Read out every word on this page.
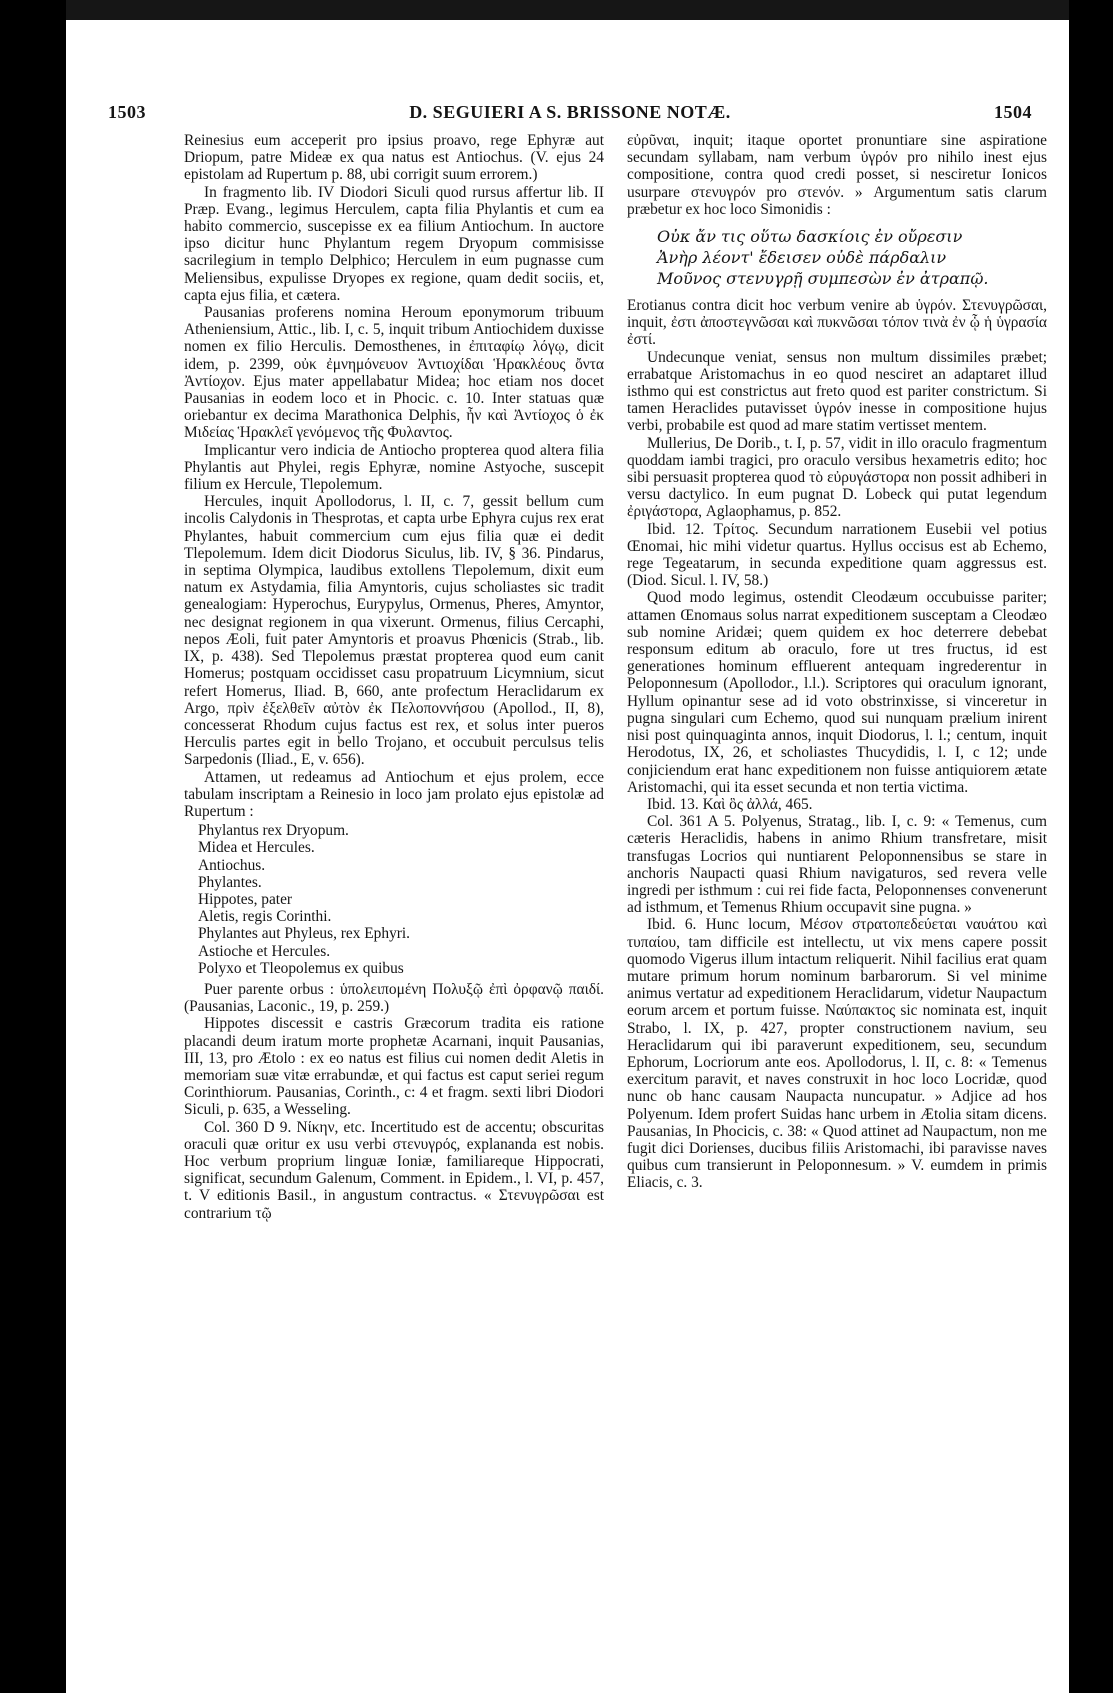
1503	D. SEGUIERI A S. BRISSONE NOTÆ.	1504

Reinesius eum acceperit pro ipsius proavo, rege Ephyræ aut Driopum, patre Mideæ ex qua natus est Antiochus. (V. ejus 24 epistolam ad Rupertum p. 88, ubi corrigit suum errorem.)

In fragmento lib. IV Diodori Siculi quod rursus affertur lib. II Præp. Evang., legimus Herculem, capta filia Phylantis et cum ea habito commercio, suscepisse ex ea filium Antiochum. In auctore ipso dicitur hunc Phylantum regem Dryopum commisisse sacrilegium in templo Delphico; Herculem in eum pugnasse cum Meliensibus, expulisse Dryopes ex regione, quam dedit sociis, et, capta ejus filia, et cætera.

Pausanias proferens nomina Heroum eponymorum tribuum Atheniensium, Attic., lib. I, c. 5, inquit tribum Antiochidem duxisse nomen ex filio Herculis. Demosthenes, in ἐπιταφίῳ λόγῳ, dicit idem, p. 2399, οὐκ ἐμνημόνευον Ἀντιοχίδαι Ἡρακλέους ὄντα Ἀντίοχον. Ejus mater appellabatur Midea; hoc etiam nos docet Pausanias in eodem loco et in Phocic. c. 10. Inter statuas quæ oriebantur ex decima Marathonica Delphis, ἦν καὶ Ἀντίοχος ὁ ἐκ Μιδείας Ἡρακλεῖ γενόμενος τῆς Φυλαντος.

Implicantur vero indicia de Antiocho propterea quod altera filia Phylantis aut Phylei, regis Ephyræ, nomine Astyoche, suscepit filium ex Hercule, Tlepolemum.

Hercules, inquit Apollodorus, l. II, c. 7, gessit bellum cum incolis Calydonis in Thesprotas, et capta urbe Ephyra cujus rex erat Phylantes, habuit commercium cum ejus filia quæ ei dedit Tlepolemum. Idem dicit Diodorus Siculus, lib. IV, § 36. Pindarus, in septima Olympica, laudibus extollens Tlepolemum, dixit eum natum ex Astydamia, filia Amyntoris, cujus scholiastes sic tradit genealogiam: Hyperochus, Eurypylus, Ormenus, Pheres, Amyntor, nec designat regionem in qua vixerunt. Ormenus, filius Cercaphi, nepos Æoli, fuit pater Amyntoris et proavus Phœnicis (Strab., lib. IX, p. 438). Sed Tlepolemus præstat propterea quod eum canit Homerus; postquam occidisset casu propatruum Licymnium, sicut refert Homerus, Iliad. B, 660, ante profectum Heraclidarum ex Argo, πρὶν ἐξελθεῖν αὐτὸν ἐκ Πελοποννήσου (Apollod., II, 8), concesserat Rhodum cujus factus est rex, et solus inter pueros Herculis partes egit in bello Trojano, et occubuit perculsus telis Sarpedonis (Iliad., E, v. 656).

Attamen, ut redeamus ad Antiochum et ejus prolem, ecce tabulam inscriptam a Reinesio in loco jam prolato ejus epistolæ ad Rupertum :

Phylantus rex Dryopum.
Midea et Hercules.
Antiochus.
Phylantes.
Hippotes, pater
Aletis, regis Corinthi.
Phylantes aut Phyleus, rex Ephyri.
Astioche et Hercules.
Polyxo et Tleopolemus ex quibus

Puer parente orbus : ὑπολειπομένη Πολυξῷ ἐπὶ ὀρφανῷ παιδί. (Pausanias, Laconic., 19, p. 259.)

Hippotes discessit e castris Græcorum tradita eis ratione placandi deum iratum morte prophetæ Acarnani, inquit Pausanias, III, 13, pro Ætolo : ex eo natus est filius cui nomen dedit Aletis in memoriam suæ vitæ errabundæ, et qui factus est caput seriei regum Corinthiorum. Pausanias, Corinth., c: 4 et fragm. sexti libri Diodori Siculi, p. 635, a Wesseling.

Col. 360 D 9. Νίκην, etc. Incertitudo est de accentu; obscuritas oraculi quæ oritur ex usu verbi στενυγρός, explananda est nobis. Hoc verbum proprium linguæ Ioniæ, familiareque Hippocrati, significat, secundum Galenum, Comment. in Epidem., l. VI, p. 457, t. V editionis Basil., in angustum contractus. « Στενυγρῶσαι est contrarium τῷ

εὐρῦναι, inquit; itaque oportet pronuntiare sine aspiratione secundam syllabam, nam verbum ὑγρόν pro nihilo inest ejus compositione, contra quod credi posset, si nesciretur Ionicos usurpare στενυγρόν pro στενόν. » Argumentum satis clarum præbetur ex hoc loco Simonidis :

Οὐκ ἄν τις οὕτω δασκίοις ἐν οὔρεσιν
Ἀνὴρ λέοντ' ἔδεισεν οὐδὲ πάρδαλιν
Μοῦνος στενυγρῇ συμπεσὼν ἐν ἀτραπῷ.

Erotianus contra dicit hoc verbum venire ab ὑγρόν. Στενυγρῶσαι, inquit, ἐστι ἀποστεγνῶσαι καὶ πυκνῶσαι τόπον τινὰ ἐν ᾧ ἡ ὑγρασία ἐστί.

Undecunque veniat, sensus non multum dissimiles præbet; errabatque Aristomachus in eo quod nesciret an adaptaret illud isthmo qui est constrictus aut freto quod est pariter constrictum. Si tamen Heraclides putavisset ὑγρόν inesse in compositione hujus verbi, probabile est quod ad mare statim vertisset mentem.

Mullerius, De Dorib., t. I, p. 57, vidit in illo oraculo fragmentum quoddam iambi tragici, pro oraculo versibus hexametris edito; hoc sibi persuasit propterea quod τὸ εὐρυγάστορα non possit adhiberi in versu dactylico. In eum pugnat D. Lobeck qui putat legendum ἐριγάστορα, Aglaophamus, p. 852.

Ibid. 12. Τρίτος. Secundum narrationem Eusebii vel potius Œnomai, hic mihi videtur quartus. Hyllus occisus est ab Echemo, rege Tegeatarum, in secunda expeditione quam aggressus est. (Diod. Sicul. l. IV, 58.)

Quod modo legimus, ostendit Cleodæum occubuisse pariter; attamen Œnomaus solus narrat expeditionem susceptam a Cleodæo sub nomine Aridæi; quem quidem ex hoc deterrere debebat responsum editum ab oraculo, fore ut tres fructus, id est generationes hominum effluerent antequam ingrederentur in Peloponnesum (Apollodor., l.l.). Scriptores qui oraculum ignorant, Hyllum opinantur sese ad id voto obstrinxisse, si vinceretur in pugna singulari cum Echemo, quod sui nunquam prælium inirent nisi post quinquaginta annos, inquit Diodorus, l. l.; centum, inquit Herodotus, IX, 26, et scholiastes Thucydidis, l. I, c 12; unde conjiciendum erat hanc expeditionem non fuisse antiquiorem ætate Aristomachi, qui ita esset secunda et non tertia victima.

Ibid. 13. Καὶ ὃς ἀλλά, 465.

Col. 361 A 5. Polyenus, Stratag., lib. I, c. 9: « Temenus, cum cæteris Heraclidis, habens in animo Rhium transfretare, misit transfugas Locrios qui nuntiarent Peloponnensibus se stare in anchoris Naupacti quasi Rhium navigaturos, sed revera velle ingredi per isthmum : cui rei fide facta, Peloponnenses convenerunt ad isthmum, et Temenus Rhium occupavit sine pugna. »

Ibid. 6. Hunc locum, Μέσον στρατοπεδεύεται ναυάτου καὶ τυπαίου, tam difficile est intellectu, ut vix mens capere possit quomodo Vigerus illum intactum reliquerit. Nihil facilius erat quam mutare primum horum nominum barbarorum. Si vel minime animus vertatur ad expeditionem Heraclidarum, videtur Naupactum eorum arcem et portum fuisse. Ναύπακτος sic nominata est, inquit Strabo, l. IX, p. 427, propter constructionem navium, seu Heraclidarum qui ibi paraverunt expeditionem, seu, secundum Ephorum, Locriorum ante eos. Apollodorus, l. II, c. 8: « Temenus exercitum paravit, et naves construxit in hoc loco Locridæ, quod nunc ob hanc causam Naupacta nuncupatur. » Adjice ad hos Polyenum. Idem profert Suidas hanc urbem in Ætolia sitam dicens. Pausanias, In Phocicis, c. 38: « Quod attinet ad Naupactum, non me fugit dici Dorienses, ducibus filiis Aristomachi, ibi paravisse naves quibus cum transierunt in Peloponnesum. » V. eumdem in primis Eliacis, c. 3.
